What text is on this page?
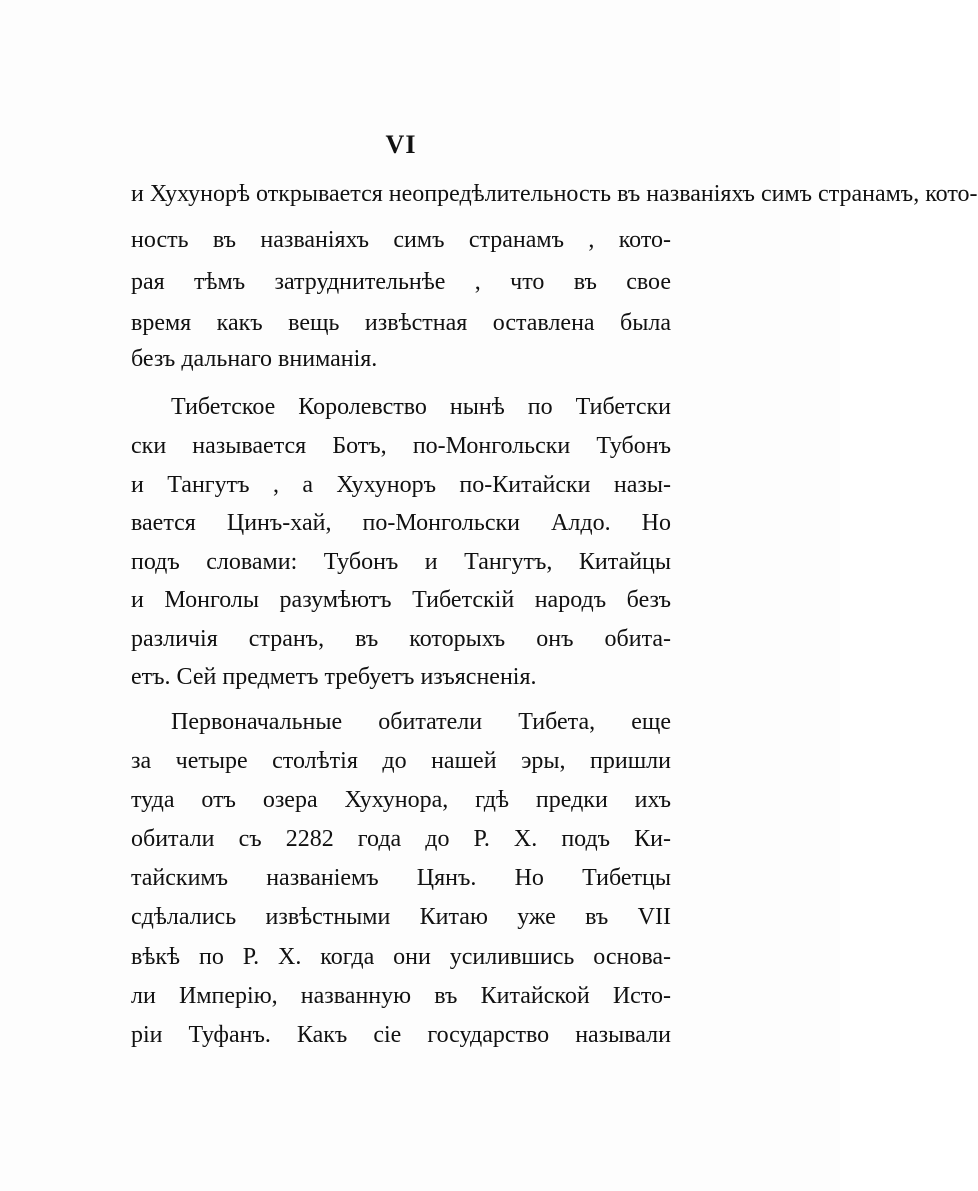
VI
и Хухунорѣ открывается неопредѣлительность въ названіяхъ симъ странамъ, кото-
ность въ названіяхъ симъ странамъ , кото-
рая тѣмъ затруднительнѣе , что въ свое
время какъ вещь извѣстная оставлена была
безъ дальнаго вниманія.
Тибетское Королевство нынѣ по Тибетски
ски называется Ботъ, по-Монгольски Тубонъ
и Тангутъ , а Хухуноръ по-Китайски назы-
вается Цинъ-хай, по-Монгольски Алдо. Но
подъ словами: Тубонъ и Тангутъ, Китайцы
и Монголы разумѣютъ Тибетскій народъ безъ
различія странъ, въ которыхъ онъ обита-
етъ. Сей предметъ требуетъ изъясненія.
Первоначальные обитатели Тибета, еще
за четыре столѣтія до нашей эры, пришли
туда отъ озера Хухунора, гдѣ предки ихъ
обитали съ 2282 года до Р. Х. подъ Ки-
тайскимъ названіемъ Цянъ. Но Тибетцы
сдѣлались извѣстными Китаю уже въ VII
вѣкѣ по Р. Х. когда они усилившись основа-
ли Имперію, названную въ Китайской Исто-
ріи Туфанъ. Какъ сіе государство называли
